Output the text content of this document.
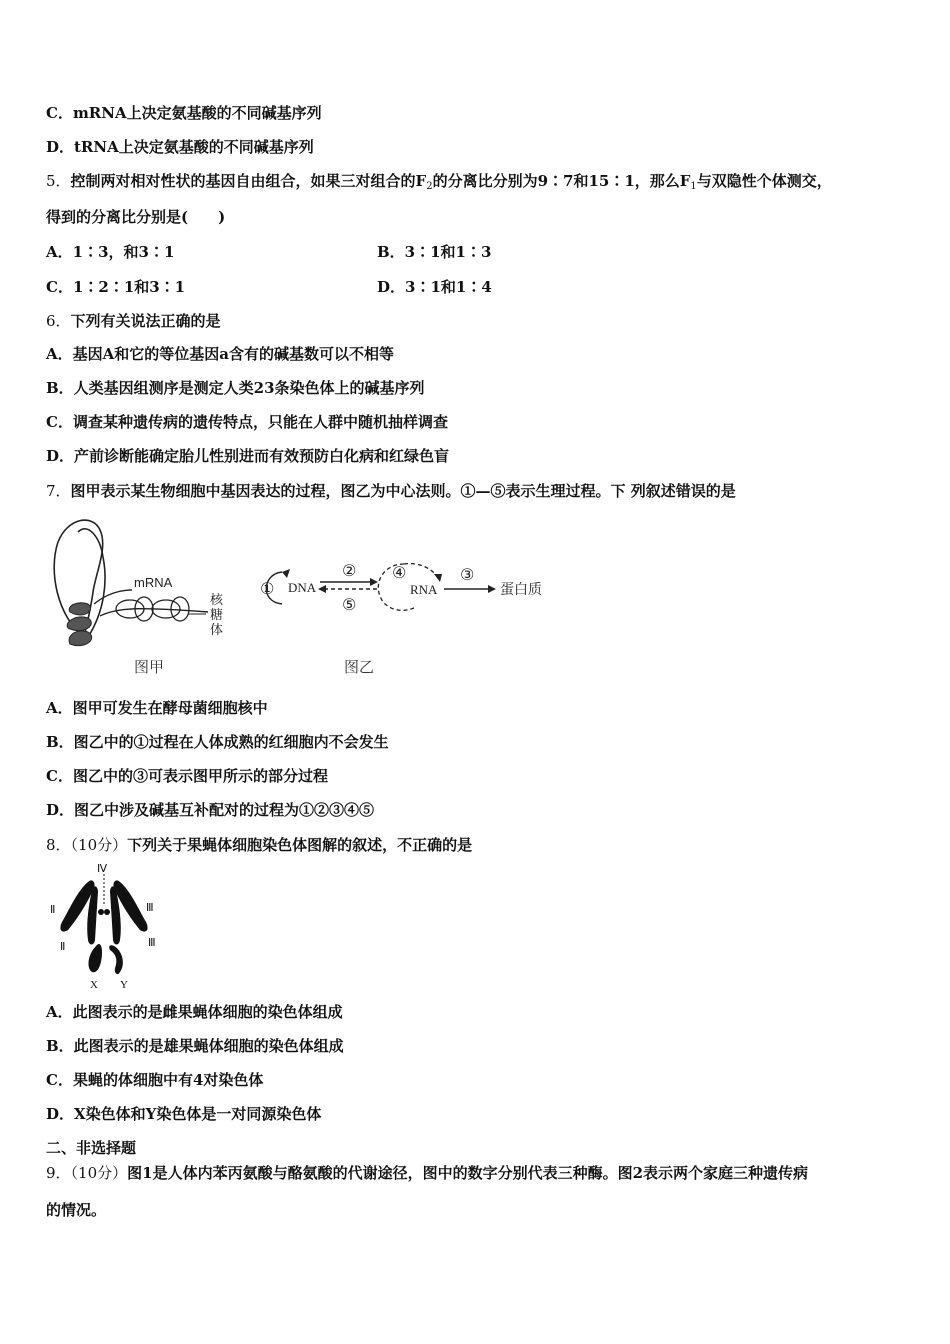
C．mRNA上决定氨基酸的不同碱基序列
D．tRNA上决定氨基酸的不同碱基序列
5．控制两对相对性状的基因自由组合，如果三对组合的$F_2$的分离比分别为9∶7和15∶1，那么$F_1$与双隐性个体测交，
得到的分离比分别是(　　)
A．1∶3，和3∶1	B．3∶1和1∶3
C．1∶2∶1和3∶1	D．3∶1和1∶4
6．下列有关说法正确的是
A．基因A和它的等位基因a含有的碱基数可以不相等
B．人类基因组测序是测定人类23条染色体上的碱基序列
C．调查某种遗传病的遗传特点，只能在人群中随机抽样调查
D．产前诊断能确定胎儿性别进而有效预防白化病和红绿色盲
7．图甲表示某生物细胞中基因表达的过程，图乙为中心法则。①—⑤表示生理过程。下 列叙述错误的是
mRNA
核
糖
体
图甲
① DNA
②
⑤
④
RNA
③
蛋白质
图乙
A．图甲可发生在酵母菌细胞核中
B．图乙中的①过程在人体成熟的红细胞内不会发生
C．图乙中的③可表示图甲所示的部分过程
D．图乙中涉及碱基互补配对的过程为①②③④⑤
8．（10分）下列关于果蝇体细胞染色体图解的叙述，不正确的是
Ⅳ
Ⅱ	Ⅲ
Ⅱ	Ⅲ
X Y
A．此图表示的是雌果蝇体细胞的染色体组成
B．此图表示的是雄果蝇体细胞的染色体组成
C．果蝇的体细胞中有4对染色体
D．X染色体和Y染色体是一对同源染色体
二、非选择题
9．（10分）图1是人体内苯丙氨酸与酪氨酸的代谢途径，图中的数字分别代表三种酶。图2表示两个家庭三种遗传病
的情况。
